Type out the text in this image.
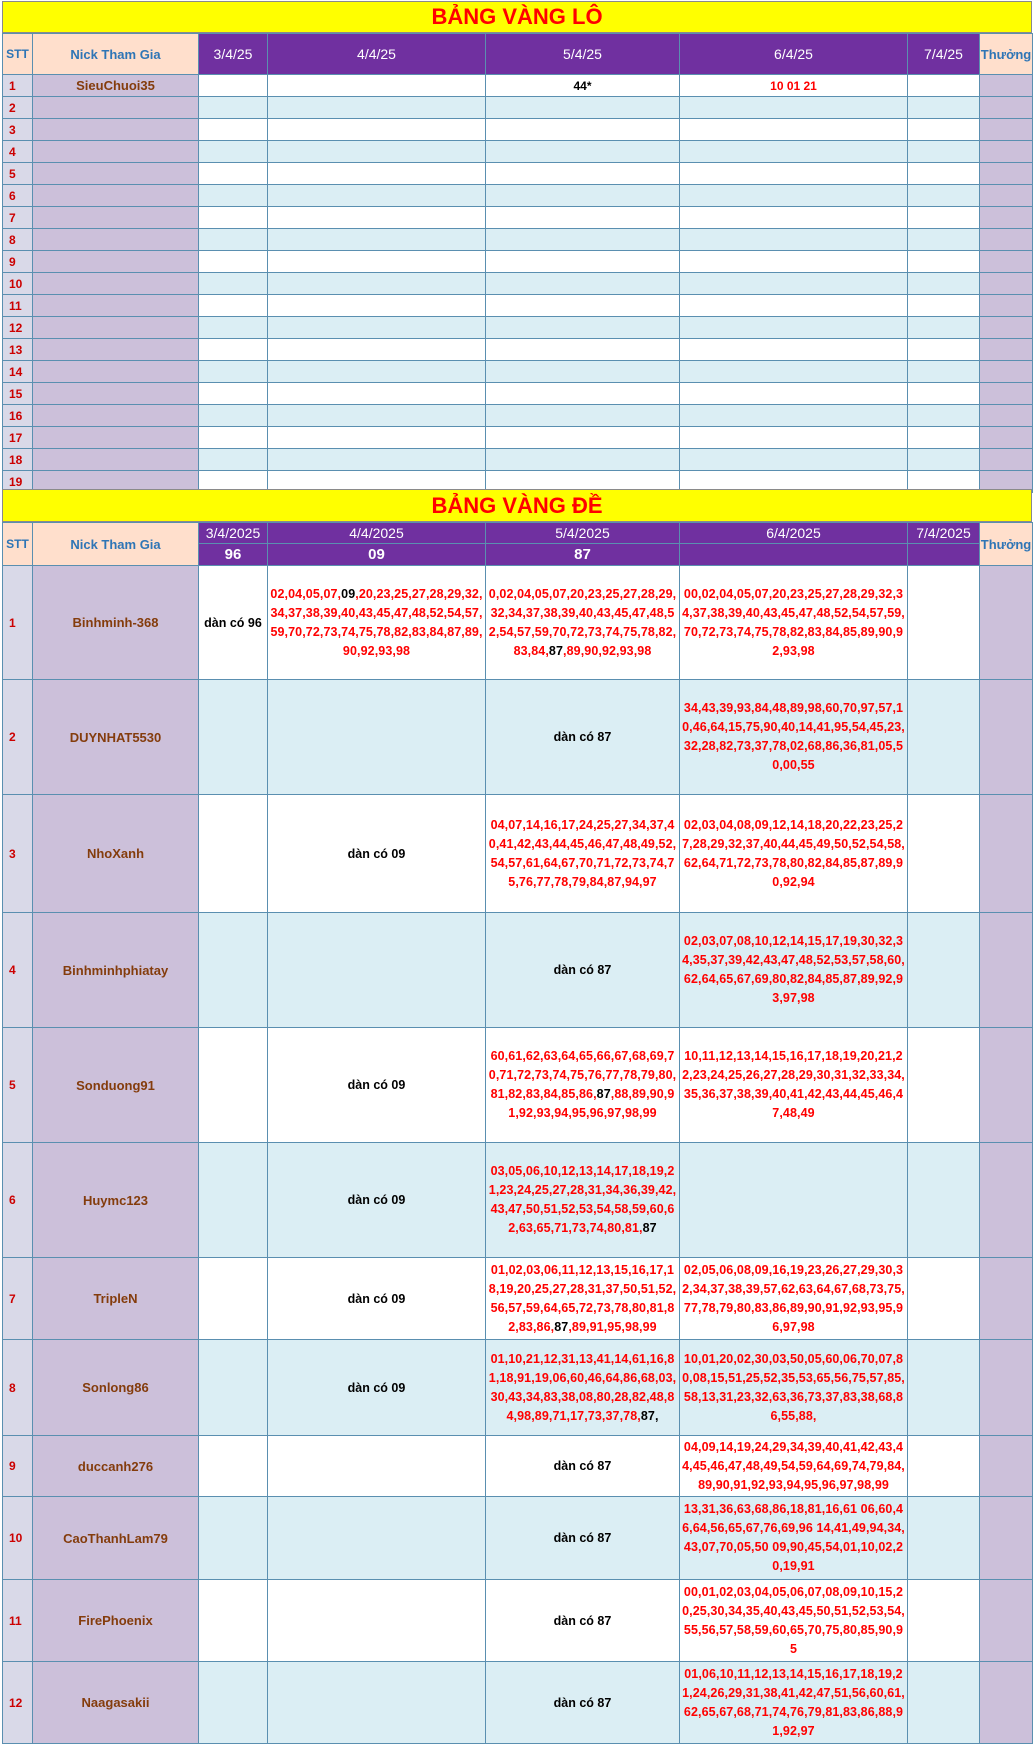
BẢNG VÀNG LÔ
STT	Nick Tham Gia	3/4/25	4/4/25	5/4/25	6/4/25	7/4/25	Thưởng
1	SieuChuoi35			44*	10 01 21		
2							
3							
4							
5							
6							
7							
8							
9							
10							
11							
12							
13							
14							
15							
16							
17							
18							
19							
BẢNG VÀNG ĐỀ
STT	Nick Tham Gia	3/4/2025	4/4/2025	5/4/2025	6/4/2025	7/4/2025	Thưởng
		96	09	87			
1	Binhminh-368	dàn có 96	02,04,05,07,09,20,23,25,27,28,29,32,34,37,38,39,40,43,45,47,48,52,54,57,59,70,72,73,74,75,78,82,83,84,87,89,90,92,93,98	0,02,04,05,07,20,23,25,27,28,29,32,34,37,38,39,40,43,45,47,48,52,54,57,59,70,72,73,74,75,78,82,83,84,87,89,90,92,93,98	00,02,04,05,07,20,23,25,27,28,29,32,34,37,38,39,40,43,45,47,48,52,54,57,59,70,72,73,74,75,78,82,83,84,85,89,90,92,93,98		
2	DUYNHAT5530			dàn có 87	34,43,39,93,84,48,89,98,60,70,97,57,10,46,64,15,75,90,40,14,41,95,54,45,23,32,28,82,73,37,78,02,68,86,36,81,05,50,00,55		
3	NhoXanh		dàn có 09	04,07,14,16,17,24,25,27,34,37,40,41,42,43,44,45,46,47,48,49,52,54,57,61,64,67,70,71,72,73,74,75,76,77,78,79,84,87,94,97	02,03,04,08,09,12,14,18,20,22,23,25,27,28,29,32,37,40,44,45,49,50,52,54,58,62,64,71,72,73,78,80,82,84,85,87,89,90,92,94		
4	Binhminhphiatay			dàn có 87	02,03,07,08,10,12,14,15,17,19,30,32,34,35,37,39,42,43,47,48,52,53,57,58,60,62,64,65,67,69,80,82,84,85,87,89,92,93,97,98		
5	Sonduong91		dàn có 09	60,61,62,63,64,65,66,67,68,69,70,71,72,73,74,75,76,77,78,79,80,81,82,83,84,85,86,87,88,89,90,91,92,93,94,95,96,97,98,99	10,11,12,13,14,15,16,17,18,19,20,21,22,23,24,25,26,27,28,29,30,31,32,33,34,35,36,37,38,39,40,41,42,43,44,45,46,47,48,49		
6	Huymc123		dàn có 09	03,05,06,10,12,13,14,17,18,19,21,23,24,25,27,28,31,34,36,39,42,43,47,50,51,52,53,54,58,59,60,62,63,65,71,73,74,80,81,87			
7	TripleN		dàn có 09	01,02,03,06,11,12,13,15,16,17,18,19,20,25,27,28,31,37,50,51,52,56,57,59,64,65,72,73,78,80,81,82,83,86,87,89,91,95,98,99	02,05,06,08,09,16,19,23,26,27,29,30,32,34,37,38,39,57,62,63,64,67,68,73,75,77,78,79,80,83,86,89,90,91,92,93,95,96,97,98		
8	Sonlong86		dàn có 09	01,10,21,12,31,13,41,14,61,16,81,18,91,19,06,60,46,64,86,68,03,30,43,34,83,38,08,80,28,82,48,84,98,89,71,17,73,37,78,87,	10,01,20,02,30,03,50,05,60,06,70,07,80,08,15,51,25,52,35,53,65,56,75,57,85,58,13,31,23,32,63,36,73,37,83,38,68,86,55,88,		
9	duccanh276			dàn có 87	04,09,14,19,24,29,34,39,40,41,42,43,44,45,46,47,48,49,54,59,64,69,74,79,84,89,90,91,92,93,94,95,96,97,98,99		
10	CaoThanhLam79			dàn có 87	13,31,36,63,68,86,18,81,16,61 06,60,46,64,56,65,67,76,69,96 14,41,49,94,34,43,07,70,05,50 09,90,45,54,01,10,02,20,19,91		
11	FirePhoenix			dàn có 87	00,01,02,03,04,05,06,07,08,09,10,15,20,25,30,34,35,40,43,45,50,51,52,53,54,55,56,57,58,59,60,65,70,75,80,85,90,95		
12	Naagasakii			dàn có 87	01,06,10,11,12,13,14,15,16,17,18,19,21,24,26,29,31,38,41,42,47,51,56,60,61,62,65,67,68,71,74,76,79,81,83,86,88,91,92,97		
